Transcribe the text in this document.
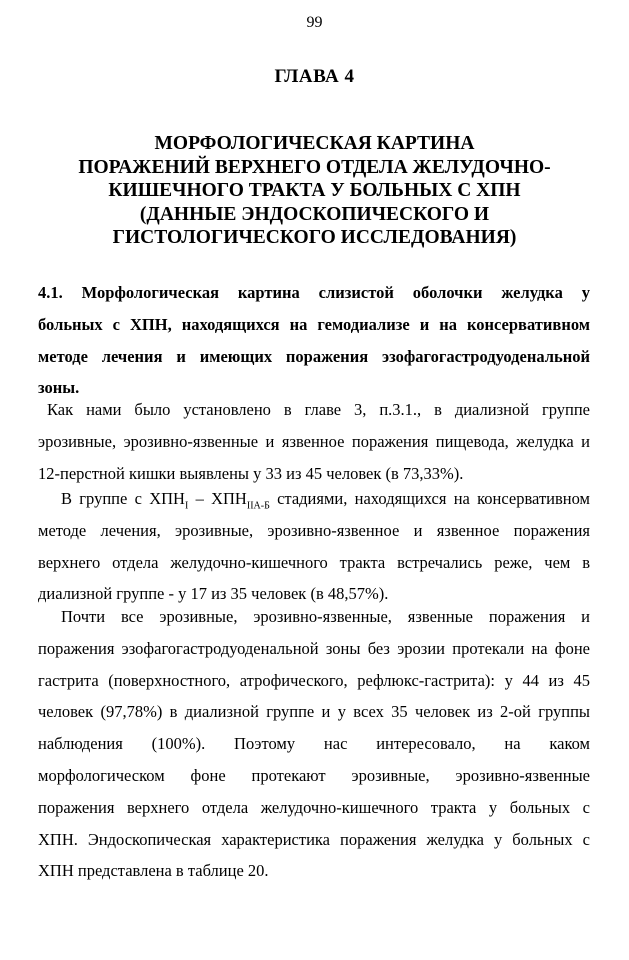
99
ГЛАВА 4
МОРФОЛОГИЧЕСКАЯ КАРТИНА
ПОРАЖЕНИЙ ВЕРХНЕГО ОТДЕЛА ЖЕЛУДОЧНО-
КИШЕЧНОГО ТРАКТА У БОЛЬНЫХ С ХПН
(ДАННЫЕ ЭНДОСКОПИЧЕСКОГО И
ГИСТОЛОГИЧЕСКОГО ИССЛЕДОВАНИЯ)
4.1. Морфологическая картина слизистой оболочки желудка у
больных с ХПН, находящихся на гемодиализе и на консервативном
методе лечения и имеющих поражения эзофагогастродуоденальной
зоны.
Как нами было установлено в главе 3, п.3.1., в диализной группе
эрозивные, эрозивно-язвенные и язвенное поражения пищевода, желудка и
12-перстной кишки выявлены у 33 из 45 человек (в 73,33%).
В группе с $ХПН_I - ХПН_{IIА-Б}$ стадиями, находящихся на консервативном
методе лечения, эрозивные, эрозивно-язвенное и язвенное поражения
верхнего отдела желудочно-кишечного тракта встречались реже, чем в
диализной группе - у 17 из 35 человек (в 48,57%).
Почти все эрозивные, эрозивно-язвенные, язвенные поражения и
поражения эзофагогастродуоденальной зоны без эрозии протекали на фоне
гастрита (поверхностного, атрофического, рефлюкс-гастрита): у 44 из 45
человек (97,78%) в диализной группе и у всех 35 человек из 2-ой группы
наблюдения (100%). Поэтому нас интересовало, на каком
морфологическом фоне протекают эрозивные, эрозивно-язвенные
поражения верхнего отдела желудочно-кишечного тракта у больных с
ХПН. Эндоскопическая характеристика поражения желудка у больных с
ХПН представлена в таблице 20.
